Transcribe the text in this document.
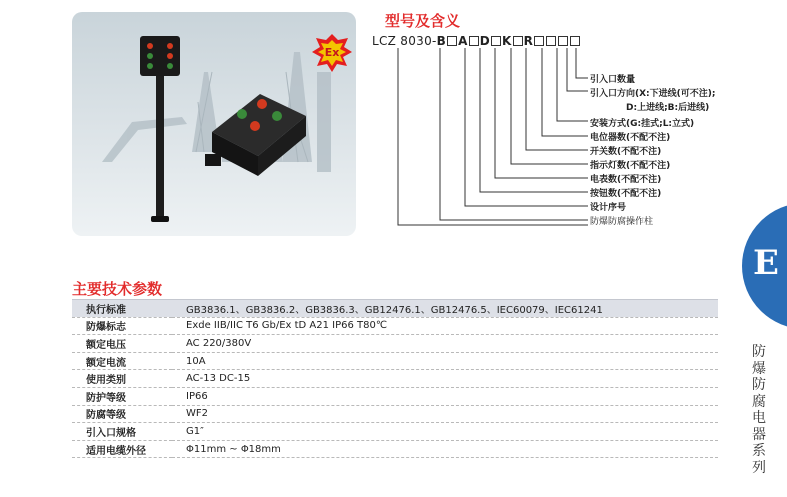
Ex
型号及含义
LCZ 8030-B A D K R
引入口数量
引入口方向(X:下进线(可不注);
D:上进线;B:后进线)
安装方式(G:挂式;L:立式)
电位器数(不配不注)
开关数(不配不注)
指示灯数(不配不注)
电表数(不配不注)
按钮数(不配不注)
设计序号
防爆防腐操作柱
主要技术参数
执行标准	GB3836.1、GB3836.2、GB3836.3、GB12476.1、GB12476.5、IEC60079、IEC61241
防爆标志	Exde IIB/IIC T6 Gb/Ex tD A21 IP66 T80℃
额定电压	AC 220/380V
额定电流	10A
使用类别	AC-13 DC-15
防护等级	IP66
防腐等级	WF2
引入口规格	G1″
适用电缆外径	Φ11mm ~ Φ18mm
E
防
爆
防
腐
电
器
系
列
